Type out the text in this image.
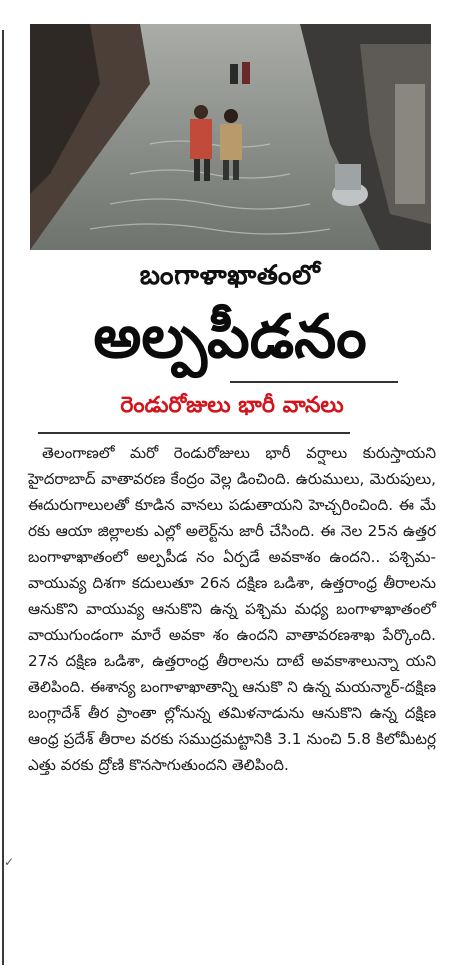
బంగాళాఖాతంలో
అల్పపీడనం
రెండురోజులు భారీ వానలు

తెలంగాణలో మరో రెండురోజులు భారీ వర్షాలు కురుస్తాయని హైదరాబాద్ వాతావరణ కేంద్రం వెల్ల డించింది. ఉరుములు, మెరుపులు, ఈదురుగాలులతో కూడిన వానలు పడుతాయని హెచ్చరించింది. ఈ మే రకు ఆయా జిల్లాలకు ఎల్లో అలెర్ట్‌ను జారీ చేసింది. ఈ నెల 25న ఉత్తర బంగాళాఖాతంలో అల్పపీడ నం ఏర్పడే అవకాశం ఉందని.. పశ్చిమ-వాయువ్య దిశగా కదులుతూ 26న దక్షిణ ఒడిశా, ఉత్తరాంధ్ర తీరాలను ఆనుకొని వాయువ్య ఆనుకొని ఉన్న పశ్చిమ మధ్య బంగాళాఖాతంలో వాయుగుండంగా మారే అవకా శం ఉందని వాతావరణశాఖ పేర్కొంది. 27న దక్షిణ ఒడిశా, ఉత్తరాంధ్ర తీరాలను దాటే అవకాశాలున్నా యని తెలిపింది. ఈశాన్య బంగాళాఖాతాన్ని ఆనుకొ ని ఉన్న మయన్మార్-దక్షిణ బంగ్లాదేశ్ తీర ప్రాంతా ల్లోనున్న తమిళనాడును ఆనుకొని ఉన్న దక్షిణ ఆంధ్ర ప్రదేశ్ తీరాల వరకు సముద్రమట్టానికి 3.1 నుంచి 5.8 కిలోమీటర్ల ఎత్తు వరకు ద్రోణి కొనసాగుతుందని తెలిపింది.

✓
